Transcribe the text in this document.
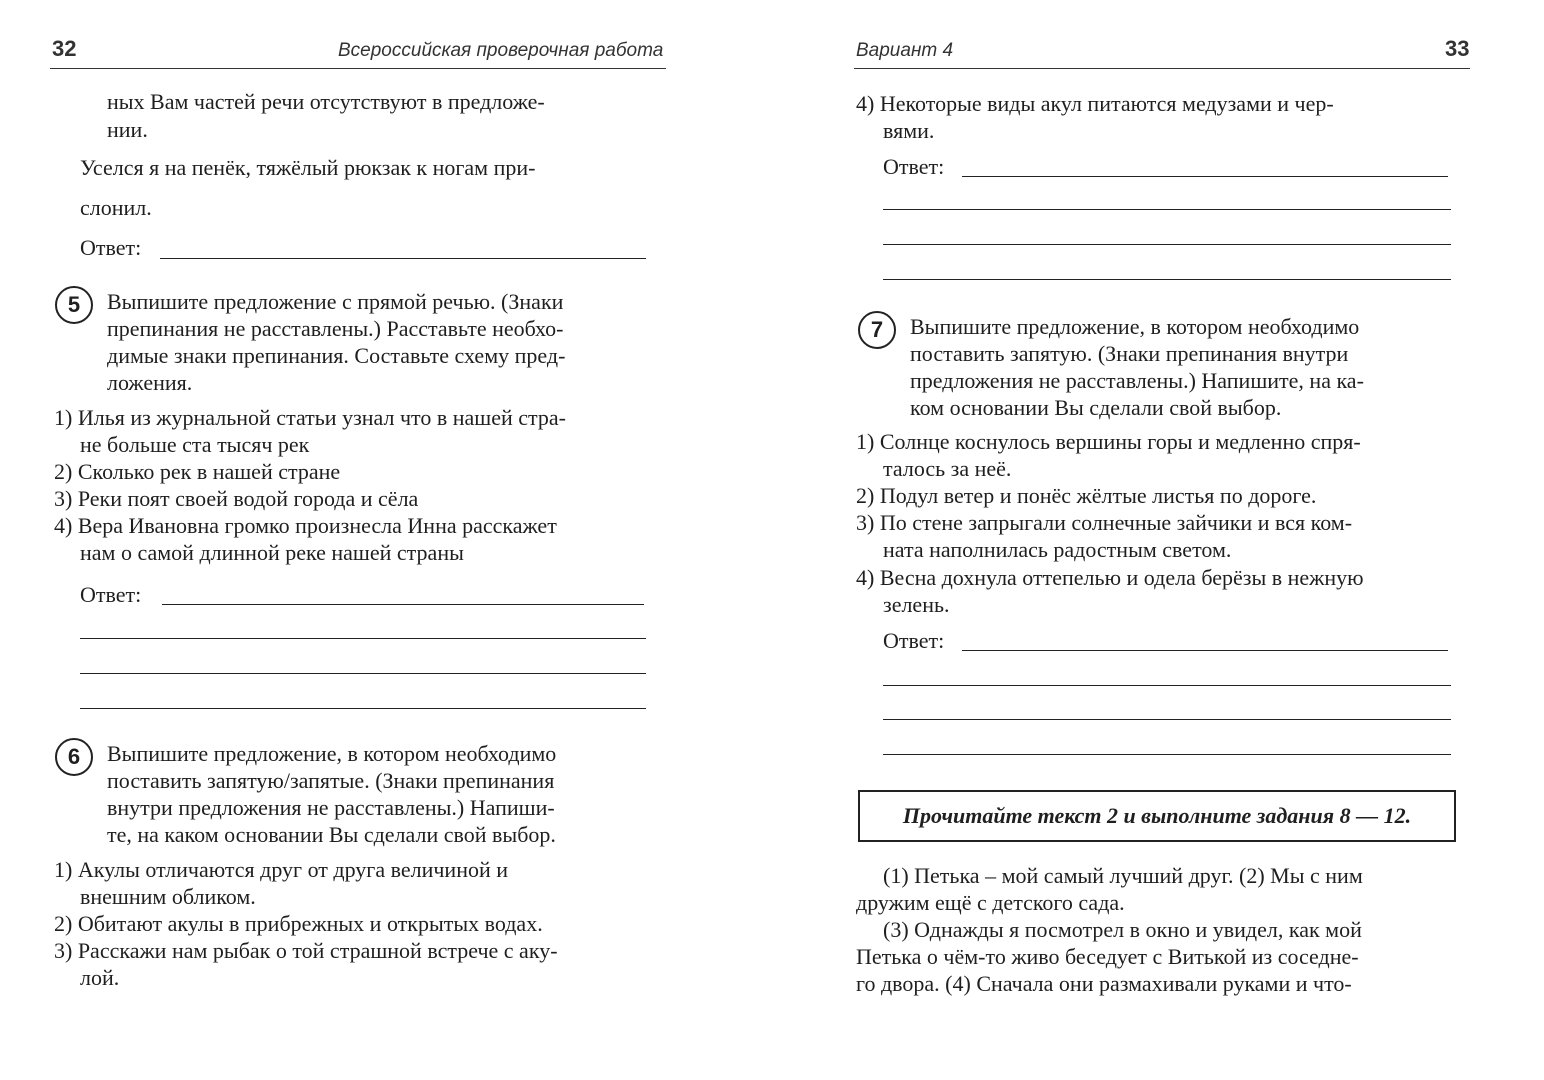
32	Всероссийская проверочная работа
ных Вам частей речи отсутствуют в предложе-
нии.
Уселся я на пенёк, тяжёлый рюкзак к ногам при-
слонил.
Ответ:
5	Выпишите предложение с прямой речью. (Знаки
препинания не расставлены.) Расставьте необхо-
димые знаки препинания. Составьте схему пред-
ложения.
1) Илья из журнальной статьи узнал что в нашей стра-
не больше ста тысяч рек
2) Сколько рек в нашей стране
3) Реки поят своей водой города и сёла
4) Вера Ивановна громко произнесла Инна расскажет
нам о самой длинной реке нашей страны
Ответ:
6	Выпишите предложение, в котором необходимо
поставить запятую/запятые. (Знаки препинания
внутри предложения не расставлены.) Напиши-
те, на каком основании Вы сделали свой выбор.
1) Акулы отличаются друг от друга величиной и
внешним обликом.
2) Обитают акулы в прибрежных и открытых водах.
3) Расскажи нам рыбак о той страшной встрече с аку-
лой.
Вариант 4	33
4) Некоторые виды акул питаются медузами и чер-
вями.
Ответ:
7	Выпишите предложение, в котором необходимо
поставить запятую. (Знаки препинания внутри
предложения не расставлены.) Напишите, на ка-
ком основании Вы сделали свой выбор.
1) Солнце коснулось вершины горы и медленно спря-
талось за неё.
2) Подул ветер и понёс жёлтые листья по дороге.
3) По стене запрыгали солнечные зайчики и вся ком-
ната наполнилась радостным светом.
4) Весна дохнула оттепелью и одела берёзы в нежную
зелень.
Ответ:
Прочитайте текст 2 и выполните задания 8 — 12.
(1) Петька – мой самый лучший друг. (2) Мы с ним
дружим ещё с детского сада.
(3) Однажды я посмотрел в окно и увидел, как мой
Петька о чём-то живо беседует с Витькой из соседне-
го двора. (4) Сначала они размахивали руками и что-
